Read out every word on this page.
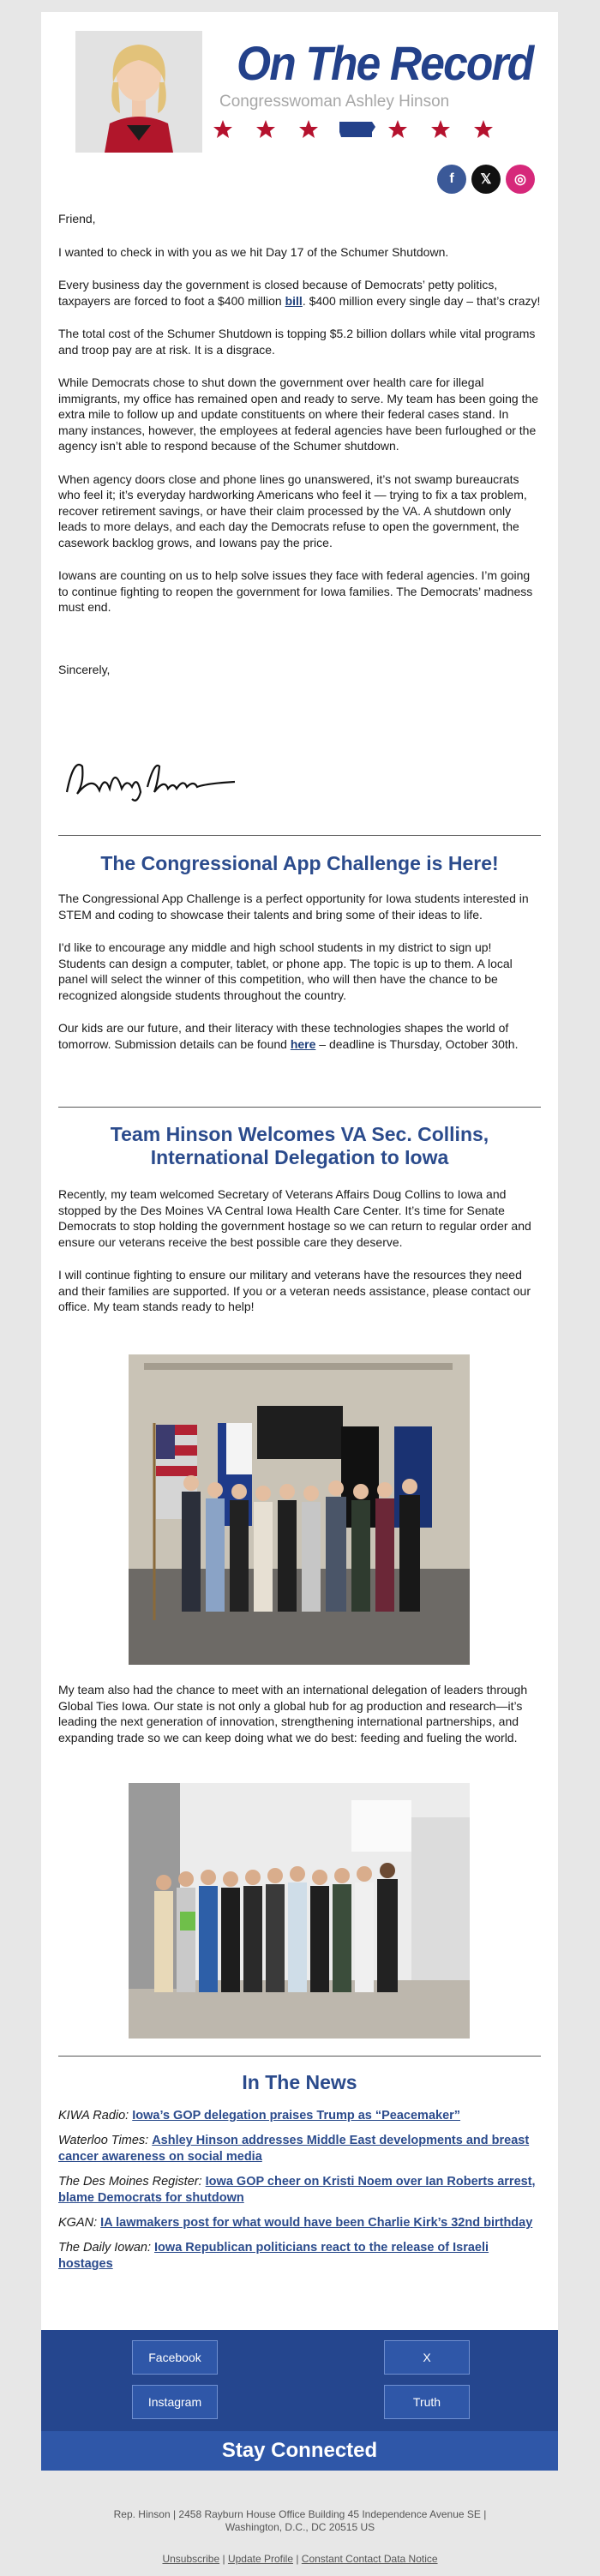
On The Record
Congresswoman Ashley Hinson
f	𝕏	◎

Friend,

I wanted to check in with you as we hit Day 17 of the Schumer Shutdown.

Every business day the government is closed because of Democrats’ petty politics, taxpayers are forced to foot a $400 million bill. $400 million every single day – that’s crazy!

The total cost of the Schumer Shutdown is topping $5.2 billion dollars while vital programs and troop pay are at risk. It is a disgrace.

While Democrats chose to shut down the government over health care for illegal immigrants, my office has remained open and ready to serve. My team has been going the extra mile to follow up and update constituents on where their federal cases stand. In many instances, however, the employees at federal agencies have been furloughed or the agency isn’t able to respond because of the Schumer shutdown.

When agency doors close and phone lines go unanswered, it’s not swamp bureaucrats who feel it; it’s everyday hardworking Americans who feel it — trying to fix a tax problem, recover retirement savings, or have their claim processed by the VA. A shutdown only leads to more delays, and each day the Democrats refuse to open the government, the casework backlog grows, and Iowans pay the price.

Iowans are counting on us to help solve issues they face with federal agencies. I’m going to continue fighting to reopen the government for Iowa families. The Democrats’ madness must end.

Sincerely,

The Congressional App Challenge is Here!

The Congressional App Challenge is a perfect opportunity for Iowa students interested in STEM and coding to showcase their talents and bring some of their ideas to life.

I'd like to encourage any middle and high school students in my district to sign up! Students can design a computer, tablet, or phone app. The topic is up to them. A local panel will select the winner of this competition, who will then have the chance to be recognized alongside students throughout the country.

Our kids are our future, and their literacy with these technologies shapes the world of tomorrow. Submission details can be found here – deadline is Thursday, October 30th.

Team Hinson Welcomes VA Sec. Collins, International Delegation to Iowa

Recently, my team welcomed Secretary of Veterans Affairs Doug Collins to Iowa and stopped by the Des Moines VA Central Iowa Health Care Center. It’s time for Senate Democrats to stop holding the government hostage so we can return to regular order and ensure our veterans receive the best possible care they deserve.

I will continue fighting to ensure our military and veterans have the resources they need and their families are supported. If you or a veteran needs assistance, please contact our office. My team stands ready to help!

My team also had the chance to meet with an international delegation of leaders through Global Ties Iowa. Our state is not only a global hub for ag production and research—it’s leading the next generation of innovation, strengthening international partnerships, and expanding trade so we can keep doing what we do best: feeding and fueling the world.

In The News

KIWA Radio: Iowa’s GOP delegation praises Trump as “Peacemaker”

Waterloo Times: Ashley Hinson addresses Middle East developments and breast cancer awareness on social media

The Des Moines Register: Iowa GOP cheer on Kristi Noem over Ian Roberts arrest, blame Democrats for shutdown

KGAN: IA lawmakers post for what would have been Charlie Kirk’s 32nd birthday

The Daily Iowan: Iowa Republican politicians react to the release of Israeli hostages

Facebook	X
Instagram	Truth
Stay Connected
Rep. Hinson | 2458 Rayburn House Office Building 45 Independence Avenue SE |
Washington, D.C., DC 20515 US
Unsubscribe | Update Profile | Constant Contact Data Notice
